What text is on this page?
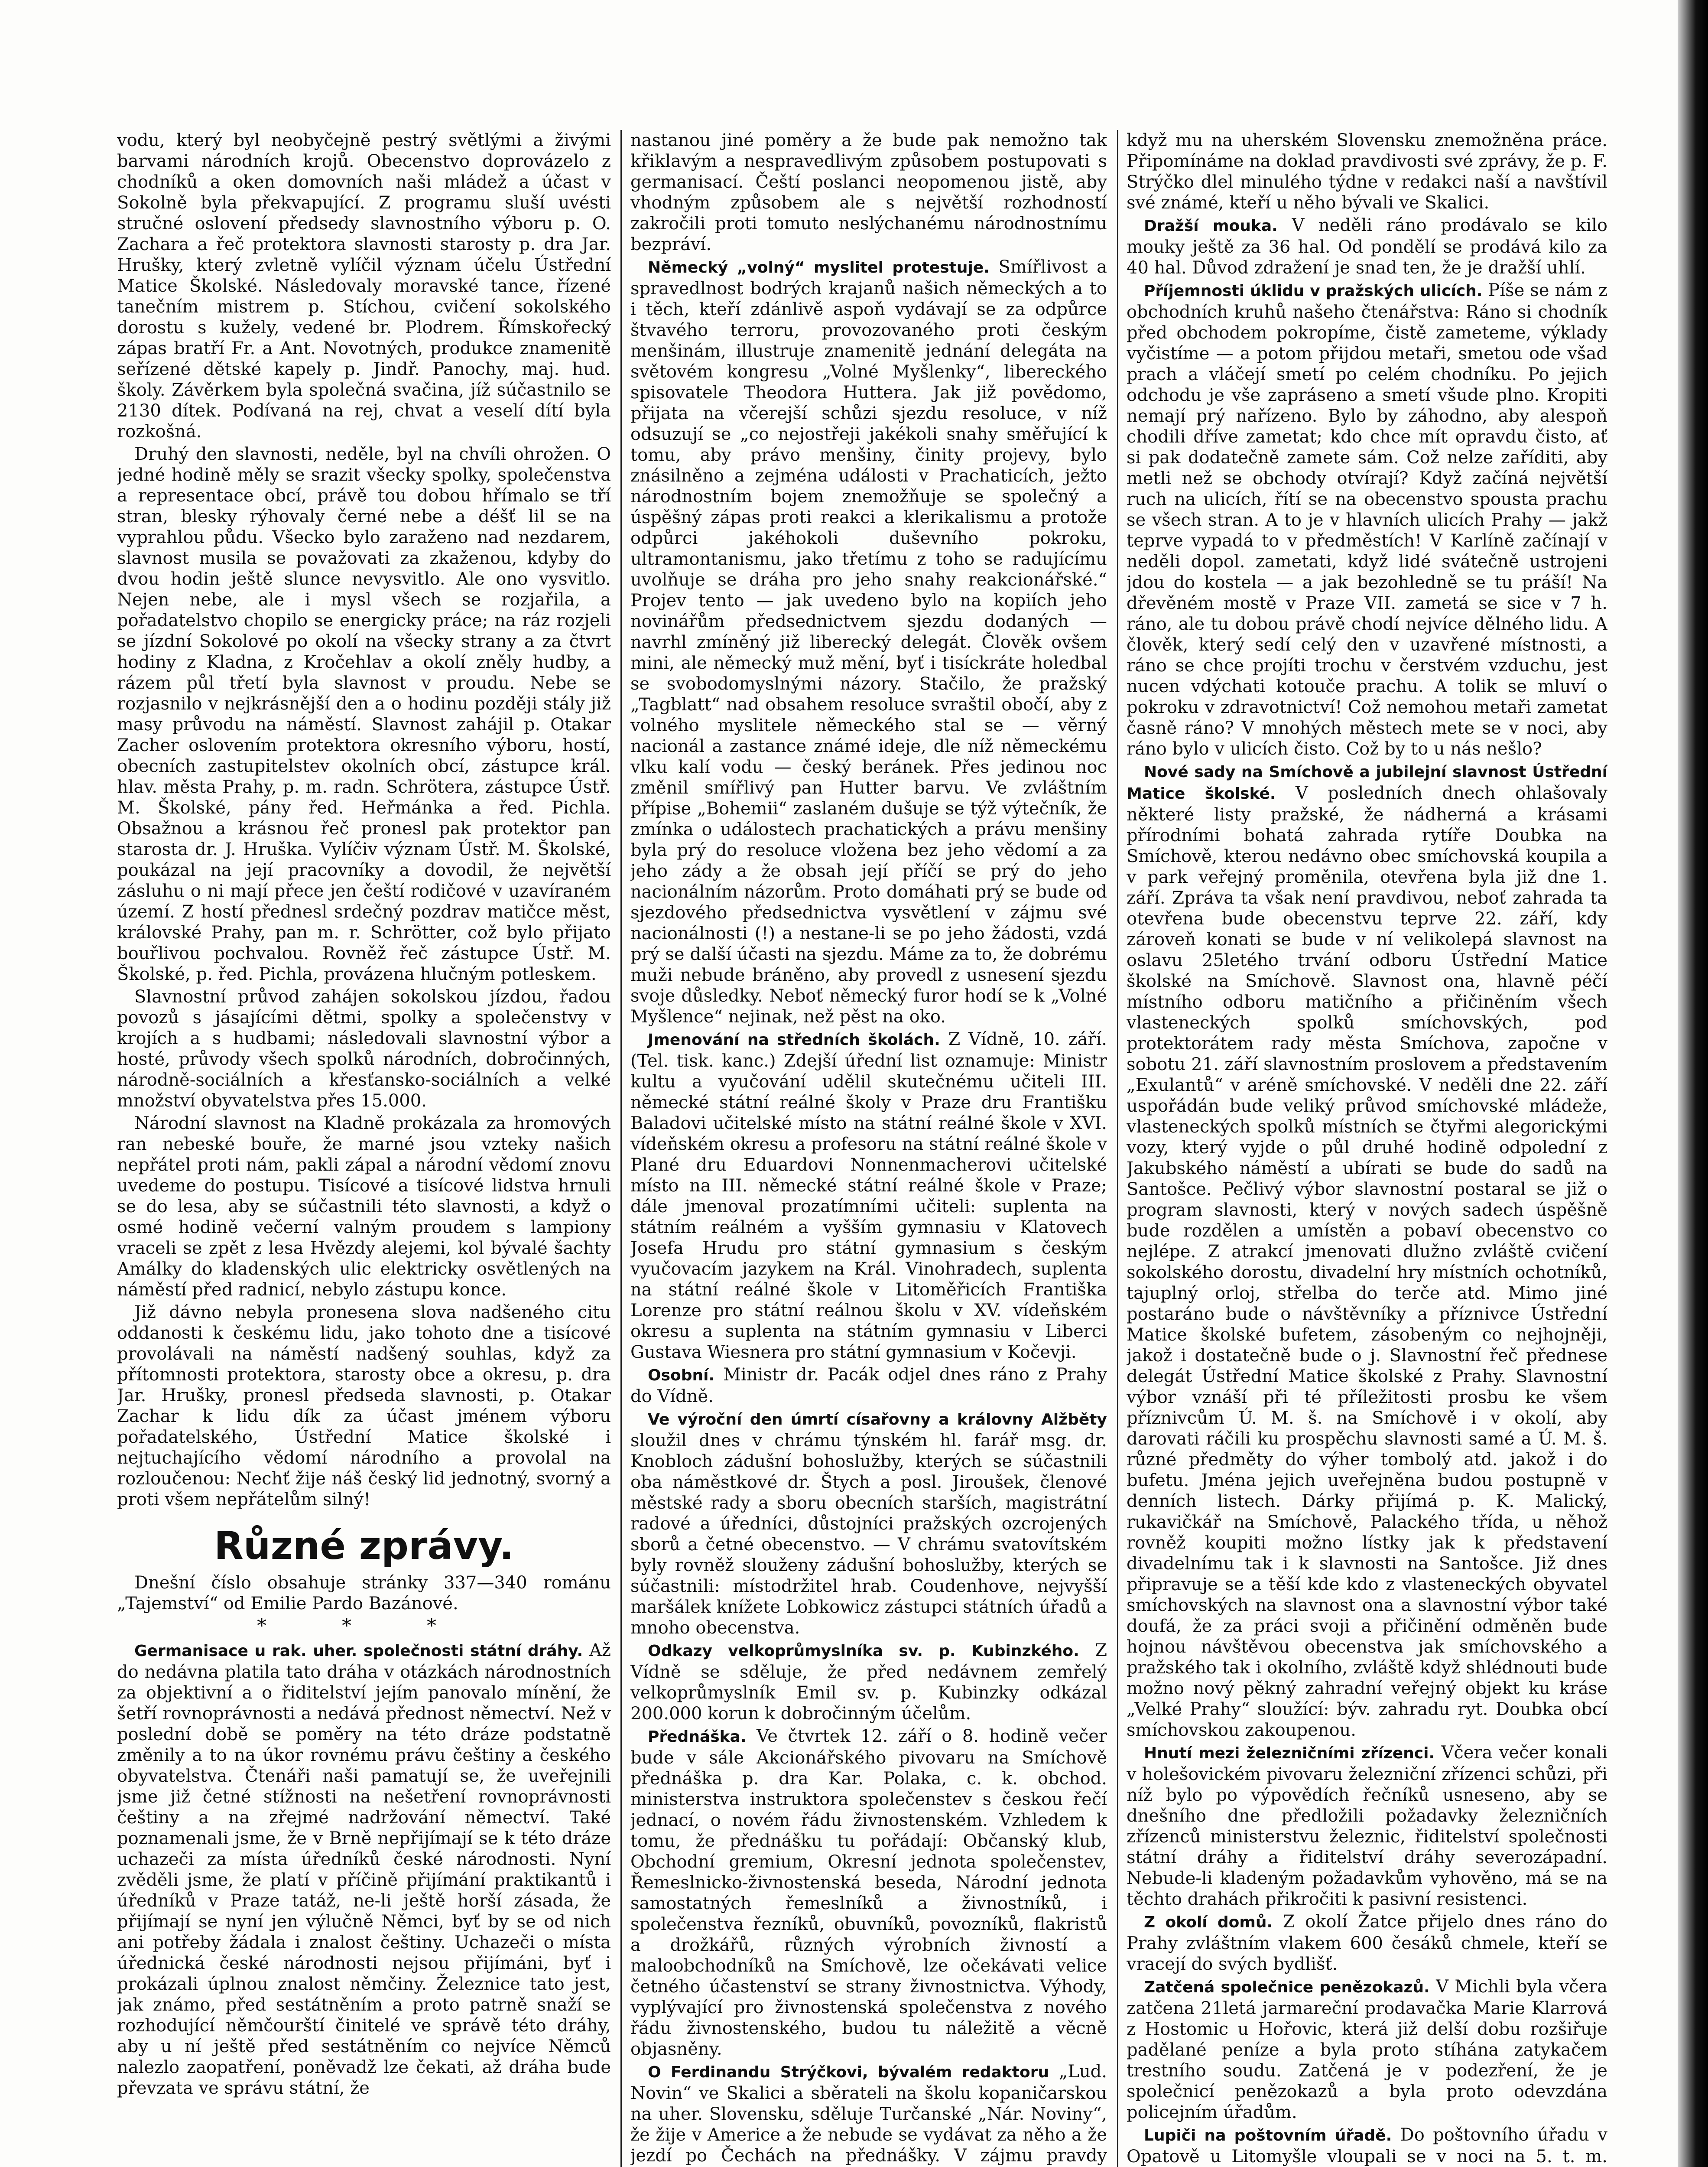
vodu, který byl neobyčejně pestrý světlými a živými barvami národních krojů. Obecenstvo doprovázelo z chodníků a oken domovních naši mládež a účast v Sokolně byla překvapující. Z programu sluší uvésti stručné oslovení předsedy slavnostního výboru p. O. Zachara a řeč protektora slavnosti starosty p. dra Jar. Hrušky, který zvletně vylíčil význam účelu Ústřední Matice Školské. Následovaly moravské tance, řízené tanečním mistrem p. Stíchou, cvičení sokolského dorostu s kužely, vedené br. Plodrem. Římskořecký zápas bratří Fr. a Ant. Novotných, produkce znamenitě seřízené dětské kapely p. Jindř. Panochy, maj. hud. školy. Závěrkem byla společná svačina, jíž súčastnilo se 2130 dítek. Podívaná na rej, chvat a veselí dítí byla rozkošná.

Druhý den slavnosti, neděle, byl na chvíli ohrožen. O jedné hodině měly se srazit všecky spolky, společenstva a representace obcí, právě tou dobou hřímalo se tří stran, blesky rýhovaly černé nebe a déšť lil se na vyprahlou půdu. Všecko bylo zaraženo nad nezdarem, slavnost musila se považovati za zkaženou, kdyby do dvou hodin ještě slunce nevysvitlo. Ale ono vysvitlo. Nejen nebe, ale i mysl všech se rozjařila, a pořadatelstvo chopilo se energicky práce; na ráz rozjeli se jízdní Sokolové po okolí na všecky strany a za čtvrt hodiny z Kladna, z Kročehlav a okolí zněly hudby, a rázem půl třetí byla slavnost v proudu. Nebe se rozjasnilo v nejkrásnější den a o hodinu později stály již masy průvodu na náměstí. Slavnost zahájil p. Otakar Zacher oslovením protektora okresního výboru, hostí, obecních zastupitelstev okolních obcí, zástupce král. hlav. města Prahy, p. m. radn. Schrötera, zástupce Ústř. M. Školské, pány řed. Heřmánka a řed. Pichla. Obsažnou a krásnou řeč pronesl pak protektor pan starosta dr. J. Hruška. Vylíčiv význam Ústř. M. Školské, poukázal na její pracovníky a dovodil, že největší zásluhu o ni mají přece jen čeští rodičové v uzavíraném území. Z hostí přednesl srdečný pozdrav matičce měst, královské Prahy, pan m. r. Schrötter, což bylo přijato bouřlivou pochvalou. Rovněž řeč zástupce Ústř. M. Školské, p. řed. Pichla, provázena hlučným potleskem.

Slavnostní průvod zahájen sokolskou jízdou, řadou povozů s jásajícími dětmi, spolky a společenstvy v krojích a s hudbami; následovali slavnostní výbor a hosté, průvody všech spolků národních, dobročinných, národně-sociálních a křesťansko-sociálních a velké množství obyvatelstva přes 15.000.

Národní slavnost na Kladně prokázala za hromových ran nebeské bouře, že marné jsou vztekу našich nepřátel proti nám, pakli zápal a národní vědomí znovu uvedeme do postupu. Tisícové a tisícové lidstva hrnuli se do lesa, aby se súčastnili této slavnosti, a když o osmé hodině večerní valným proudem s lampiony vraceli se zpět z lesa Hvězdy alejemi, kol bývalé šachty Amálky do kladenských ulic elektricky osvětlených na náměstí před radnicí, nebylo zástupu konce.

Již dávno nebyla pronesena slova nadšeného citu oddanosti k českému lidu, jako tohoto dne a tisícové provolávali na náměstí nadšený souhlas, když za přítomnosti protektora, starosty obce a okresu, p. dra Jar. Hrušky, pronesl předseda slavnosti, p. Otakar Zachar k lidu dík za účast jménem výboru pořadatelského, Ústřední Matice školské i nejtuchajícího vědomí národního a provolal na rozloučenou: Nechť žije náš český lid jednotný, svorný a proti všem nepřátelům silný!

Různé zprávy.

Dnešní číslo obsahuje stránky 337—340 románu „Tajemství“ od Emilie Pardo Bazánové.

* * *

Germanisace u rak. uher. společnosti státní dráhy. Až do nedávna platila tato dráha v otázkách národnostních za objektivní a o řiditelství jejím panovalo mínění, že šetří rovnoprávnosti a nedává přednost němectví. Než v poslední době se poměry na této dráze podstatně změnily a to na úkor rovnému právu češtiny a českého obyvatelstva. Čtenáři naši pamatují se, že uveřejnili jsme již četné stížnosti na nešetření rovnoprávnosti češtiny a na zřejmé nadržování němectví. Také poznamenali jsme, že v Brně nepřijímají se k této dráze uchazeči za místa úředníků české národnosti. Nyní zvěděli jsme, že platí v příčině přijímání praktikantů i úředníků v Praze tatáž, ne-li ještě horší zásada, že přijímají se nyní jen výlučně Němci, byť by se od nich ani potřeby žádala i znalost češtiny. Uchazeči o místa úřednická české národnosti nejsou přijímáni, byť i prokázali úplnou znalost němčiny. Železnice tato jest, jak známo, před sestátněním a proto patrně snaží se rozhodující němčourští činitelé ve správě této dráhy, aby u ní ještě před sestátněním co nejvíce Němců nalezlo zaopatření, poněvadž lze čekati, až dráha bude převzata ve správu státní, že

nastanou jiné poměry a že bude pak nemožno tak křiklavým a nespravedlivým způsobem postupovati s germanisací. Čeští poslanci neopomenou jistě, aby vhodným způsobem ale s největší rozhodností zakročili proti tomuto neslýchanému národnostnímu bezpráví.

Německý „volný“ myslitel protestuje. Smířlivost a spravedlnost bodrých krajanů našich německých a to i těch, kteří zdánlivě aspoň vydávají se za odpůrce štvavého terroru, provozovaného proti českým menšinám, illustruje znamenitě jednání delegáta na světovém kongresu „Volné Myšlenky“, libereckého spisovatele Theodora Huttera. Jak již povědomo, přijata na včerejší schůzi sjezdu resoluce, v níž odsuzují se „co nejostřeji jakékoli snahy směřující k tomu, aby právo menšiny, činity projevy, bylo znásilněno a zejména události v Prachaticích, ježto národnostním bojem znemožňuje se společný a úspěšný zápas proti reakci a klerikalismu a protože odpůrci jakéhokoli duševního pokroku, ultramontanismu, jako třetímu z toho se radujícímu uvolňuje se dráha pro jeho snahy reakcionářské.“ Projev tento — jak uvedeno bylo na kopiích jeho novinářům předsednictvem sjezdu dodaných — navrhl zmíněný již liberecký delegát. Člověk ovšem mini, ale německý muž mění, byť i tisíckráte holedbal se svobodomyslnými názory. Stačilo, že pražský „Tagblatt“ nad obsahem resoluce svraštil obočí, aby z volného myslitele německého stal se — věrný nacionál a zastance známé ideje, dle níž německému vlku kalí vodu — český beránek. Přes jedinou noc změnil smířlivý pan Hutter barvu. Ve zvláštním přípise „Bohemii“ zaslaném dušuje se týž výtečník, že zmínka o událostech prachatických a právu menšiny byla prý do resoluce vložena bez jeho vědomí a za jeho zády a že obsah její příčí se prý do jeho nacionálním názorům. Proto domáhati prý se bude od sjezdového předsednictva vysvětlení v zájmu své nacionálnosti (!) a nestane-li se po jeho žádosti, vzdá prý se další účasti na sjezdu. Máme za to, že dobrému muži nebude bráněno, aby provedl z usnesení sjezdu svoje důsledky. Neboť německý furor hodí se k „Volné Myšlence“ nejinak, než pěst na oko.

Jmenování na středních školách. Z Vídně, 10. září. (Tel. tisk. kanc.) Zdejší úřední list oznamuje: Ministr kultu a vyučování udělil skutečnému učiteli III. německé státní reálné školy v Praze dru Františku Baladovi učitelské místo na státní reálné škole v XVI. vídeňském okresu a profesoru na státní reálné škole v Plané dru Eduardovi Nonnenmacherovi učitelské místo na III. německé státní reálné škole v Praze; dále jmenoval prozatímními učiteli: suplenta na státním reálném a vyšším gymnasiu v Klatovech Josefa Hrudu pro státní gymnasium s českým vyučovacím jazykem na Král. Vinohradech, suplenta na státní reálné škole v Litoměřicích Františka Lorenze pro státní reálnou školu v XV. vídeňském okresu a suplenta na státním gymnasiu v Liberci Gustava Wiesnera pro státní gymnasium v Kočevji.

Osobní. Ministr dr. Pacák odjel dnes ráno z Prahy do Vídně.

Ve výroční den úmrtí císařovny a královny Alžběty sloužil dnes v chrámu týnském hl. farář msg. dr. Knobloch zádušní bohoslužby, kterých se súčastnili oba náměstkové dr. Štych a posl. Jiroušek, členové městské rady a sboru obecních starších, magistrátní radové a úředníci, důstojníci pražských ozcrojených sborů a četné obecenstvo. — V chrámu svatovítském byly rovněž slouženy zádušní bohoslužby, kterých se súčastnili: místodržitel hrab. Coudenhove, nejvyšší maršálek knížete Lobkowicz zástupci státních úřadů a mnoho obecenstva.

Odkazy velkoprůmyslníka sv. p. Kubinzkého. Z Vídně se sděluje, že před nedávnem zemřelý velkoprůmyslník Emil sv. p. Kubinzky odkázal 200.000 korun k dobročinným účelům.

Přednáška. Ve čtvrtek 12. září o 8. hodině večer bude v sále Akcionářského pivovaru na Smíchově přednáška p. dra Kar. Polaka, c. k. obchod. ministerstva instruktora společenstev s českou řečí jednací, o novém řádu živnostenském. Vzhledem k tomu, že přednášku tu pořádají: Občanský klub, Obchodní gremium, Okresní jednota společenstev, Řemeslnicko-živnostenská beseda, Národní jednota samostatných řemeslníků a živnostníků, i společenstva řezníků, obuvníků, povozníků, flakristů a drožkářů, různých výrobních živností a maloobchodníků na Smíchově, lze očekávati velice četného účastenství se strany živnostnictva. Výhody, vyplývající pro živnostenská společenstva z nového řádu živnostenského, budou tu náležitě a věcně objasněny.

O Ferdinandu Strýčkovi, bývalém redaktoru „Lud. Novin“ ve Skalici a sběrateli na školu kopaničarskou na uher. Slovensku, sděluje Turčanské „Nár. Noviny“, že žije v Americe a že nebude se vydávat za něho a že jezdí po Čechách na přednášky. V zájmu pravdy

když mu na uherském Slovensku znemožněna práce. Připomínáme na doklad pravdivosti své zprávy, že p. F. Strýčko dlel minulého týdne v redakci naší a navštívil své známé, kteří u něho bývali ve Skalici.

Dražší mouka. V neděli ráno prodávalo se kilo mouky ještě za 36 hal. Od pondělí se prodává kilo za 40 hal. Důvod zdražení je snad ten, že je dražší uhlí.

Příjemnosti úklidu v pražských ulicích. Píše se nám z obchodních kruhů našeho čtenářstva: Ráno si chodník před obchodem pokropíme, čistě zameteme, výklady vyčistíme — a potom přijdou metaři, smetou ode všad prach a vláčejí smetí po celém chodníku. Po jejich odchodu je vše zapráseno a smetí všude plno. Kropiti nemají prý nařízeno. Bylo by záhodno, aby alespoň chodili dříve zametat; kdo chce mít opravdu čisto, ať si pak dodatečně zamete sám. Což nelze zaříditi, aby metli než se obchody otvírají? Když začíná největší ruch na ulicích, řítí se na obecenstvo spousta prachu se všech stran. A to je v hlavních ulicích Prahy — jakž teprve vypadá to v předměstích! V Karlíně začínají v neděli dopol. zametati, když lidé svátečně ustrojeni jdou do kostela — a jak bezohledně se tu práší! Na dřevěném mostě v Praze VII. zametá se sice v 7 h. ráno, ale tu dobou právě chodí nejvíce dělného lidu. A člověk, který sedí celý den v uzavřené místnosti, a ráno se chce projíti trochu v čerstvém vzduchu, jest nucen vdýchati kotouče prachu. A tolik se mluví o pokroku v zdravotnictví! Což nemohou metaři zametat časně ráno? V mnohých městech mete se v noci, aby ráno bylo v ulicích čisto. Což by to u nás nešlo?

Nové sady na Smíchově a jubilejní slavnost Ústřední Matice školské. V posledních dnech ohlašovaly některé listy pražské, že nádherná a krásami přírodními bohatá zahrada rytíře Doubka na Smíchově, kterou nedávno obec smíchovská koupila a v park veřejný proměnila, otevřena byla již dne 1. září. Zpráva ta však není pravdivou, neboť zahrada ta otevřena bude obecenstvu teprve 22. září, kdy zároveň konati se bude v ní velikolepá slavnost na oslavu 25letého trvání odboru Ústřední Matice školské na Smíchově. Slavnost ona, hlavně péčí místního odboru matičního a přičiněním všech vlasteneckých spolků smíchovských, pod protektorátem rady města Smíchova, započne v sobotu 21. září slavnostním proslovem a představením „Exulantů“ v aréně smíchovské. V neděli dne 22. září uspořádán bude veliký průvod smíchovské mládeže, vlasteneckých spolků místních se čtyřmi alegorickými vozy, který vyjde o půl druhé hodině odpolední z Jakubského náměstí a ubírati se bude do sadů na Santošce. Pečlivý výbor slavnostní postaral se již o program slavnosti, který v nových sadech úspěšně bude rozdělen a umístěn a pobaví obecenstvo co nejlépe. Z atrakcí jmenovati dlužno zvláště cvičení sokolského dorostu, divadelní hry místních ochotníků, tajuplný orloj, střelba do terče atd. Mimo jiné postaráno bude o návštěvníky a příznivce Ústřední Matice školské bufetem, zásobeným co nejhojněji, jakož i dostatečně bude o j. Slavnostní řeč přednese delegát Ústřední Matice školské z Prahy. Slavnostní výbor vznáší při té příležitosti prosbu ke všem příznivcům Ú. M. š. na Smíchově i v okolí, aby darovati ráčili ku prospěchu slavnosti samé a Ú. M. š. různé předměty do výher tombolý atd. jakož i do bufetu. Jména jejich uveřejněna budou postupně v denních listech. Dárky přijímá p. K. Malický, rukavičkář na Smíchově, Palackého třída, u něhož rovněž koupiti možno lístky jak k představení divadelnímu tak i k slavnosti na Santošce. Již dnes připravuje se a těší kde kdo z vlasteneckých obyvatel smíchovských na slavnost ona a slavnostní výbor také doufá, že za práci svoji a přičinění odměněn bude hojnou návštěvou obecenstva jak smíchovského a pražského tak i okolního, zvláště když shlédnouti bude možno nový pěkný zahradní veřejný objekt ku kráse „Velké Prahy“ sloužící: býv. zahradu ryt. Doubka obcí smíchovskou zakoupenou.

Hnutí mezi železničními zřízenci. Včera večer konali v holešovickém pivovaru železniční zřízenci schůzi, při níž bylo po výpovědích řečníků usneseno, aby se dnešního dne předložili požadavky železničních zřízenců ministerstvu železnic, řiditelství společnosti státní dráhy a řiditelství dráhy severozápadní. Nebude-li kladeným požadavkům vyhověno, má se na těchto drahách přikročiti k pasivní resistenci.

Z okolí domů. Z okolí Žatce přijelo dnes ráno do Prahy zvláštním vlakem 600 česáků chmele, kteří se vracejí do svých bydlišť.

Zatčená společnice penězokazů. V Michli byla včera zatčena 21letá jarmareční prodavačka Marie Klarrová z Hostomic u Hořovic, která již delší dobu rozšiřuje padělané peníze a byla proto stíhána zatykačem trestního soudu. Zatčená je v podezření, že je společnicí penězokazů a byla proto odevzdána policejním úřadům.

Lupiči na poštovním úřadě. Do poštovního úřadu v Opatově u Litomyšle vloupali se v noci na 5. t. m.
